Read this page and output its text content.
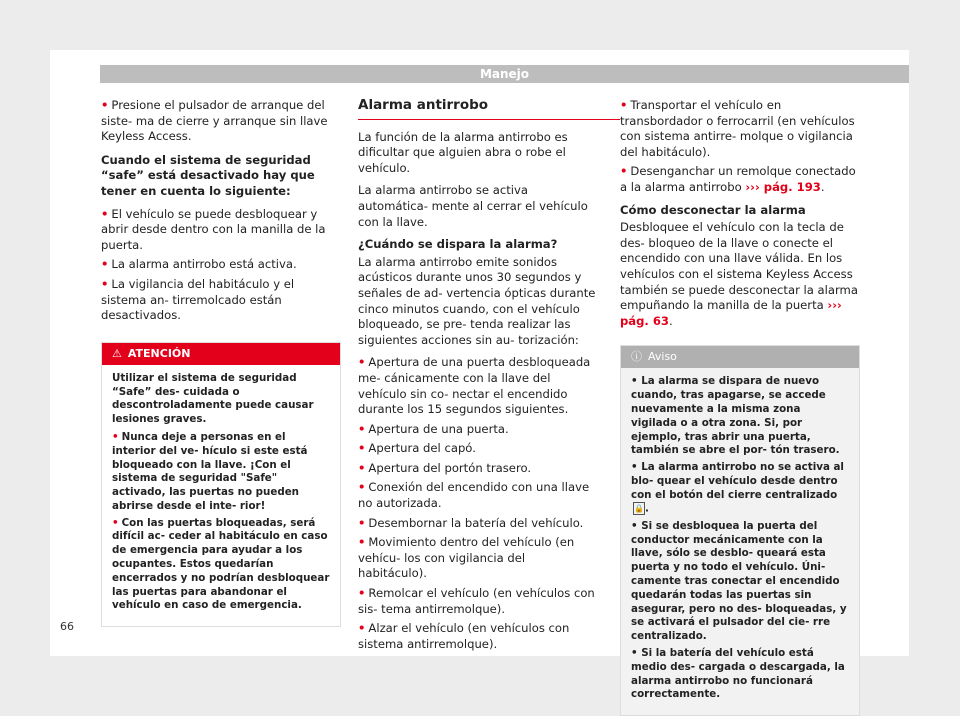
Manejo

• Presione el pulsador de arranque del siste- ma de cierre y arranque sin llave Keyless Access.

Cuando el sistema de seguridad “safe” está desactivado hay que tener en cuenta lo siguiente:

• El vehículo se puede desbloquear y abrir desde dentro con la manilla de la puerta.

• La alarma antirrobo está activa.

• La vigilancia del habitáculo y el sistema an- tirremolcado están desactivados.

⚠ ATENCIÓN

Utilizar el sistema de seguridad “Safe” des- cuidada o descontroladamente puede causar lesiones graves.

• Nunca deje a personas en el interior del ve- hículo si este está bloqueado con la llave. ¡Con el sistema de seguridad "Safe" activado, las puertas no pueden abrirse desde el inte- rior!

• Con las puertas bloqueadas, será difícil ac- ceder al habitáculo en caso de emergencia para ayudar a los ocupantes. Estos quedarían encerrados y no podrían desbloquear las puertas para abandonar el vehículo en caso de emergencia.

Alarma antirrobo

La función de la alarma antirrobo es dificultar que alguien abra o robe el vehículo.

La alarma antirrobo se activa automática- mente al cerrar el vehículo con la llave.

¿Cuándo se dispara la alarma?

La alarma antirrobo emite sonidos acústicos durante unos 30 segundos y señales de ad- vertencia ópticas durante cinco minutos cuando, con el vehículo bloqueado, se pre- tenda realizar las siguientes acciones sin au- torización:

• Apertura de una puerta desbloqueada me- cánicamente con la llave del vehículo sin co- nectar el encendido durante los 15 segundos siguientes.

• Apertura de una puerta.

• Apertura del capó.

• Apertura del portón trasero.

• Conexión del encendido con una llave no autorizada.

• Desembornar la batería del vehículo.

• Movimiento dentro del vehículo (en vehícu- los con vigilancia del habitáculo).

• Remolcar el vehículo (en vehículos con sis- tema antirremolque).

• Alzar el vehículo (en vehículos con sistema antirremolque).

• Transportar el vehículo en transbordador o ferrocarril (en vehículos con sistema antirre- molque o vigilancia del habitáculo).

• Desenganchar un remolque conectado a la alarma antirrobo ››› pág. 193.

Cómo desconectar la alarma

Desbloquee el vehículo con la tecla de des- bloqueo de la llave o conecte el encendido con una llave válida. En los vehículos con el sistema Keyless Access también se puede desconectar la alarma empuñando la manilla de la puerta ››› pág. 63.

ⓘ Aviso

• La alarma se dispara de nuevo cuando, tras apagarse, se accede nuevamente a la misma zona vigilada o a otra zona. Si, por ejemplo, tras abrir una puerta, también se abre el por- tón trasero.

• La alarma antirrobo no se activa al blo- quear el vehículo desde dentro con el botón del cierre centralizado 🔒.

• Si se desbloquea la puerta del conductor mecánicamente con la llave, sólo se desblo- queará esta puerta y no todo el vehículo. Úni- camente tras conectar el encendido quedarán todas las puertas sin asegurar, pero no des- bloqueadas, y se activará el pulsador del cie- rre centralizado.

• Si la batería del vehículo está medio des- cargada o descargada, la alarma antirrobo no funcionará correctamente.

66
